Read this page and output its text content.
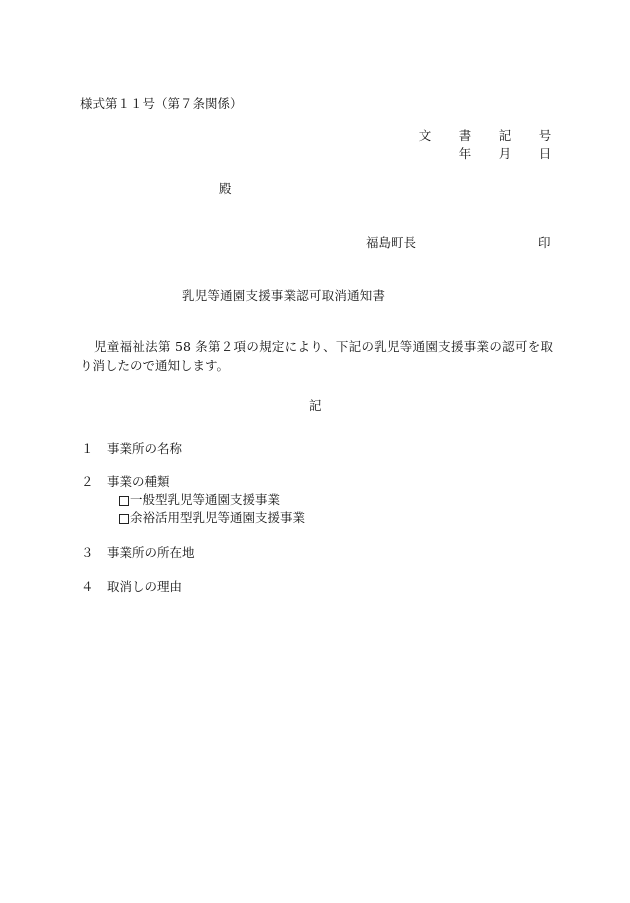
様式第１１号（第７条関係）
文 書 記 号
年 月 日
殿
福島町長	印
乳児等通園支援事業認可取消通知書
児童福祉法第 58 条第２項の規定により、下記の乳児等通園支援事業の認可を取り消したので通知します。
記
１ 事業所の名称
２ 事業の種類
一般型乳児等通園支援事業
余裕活用型乳児等通園支援事業
３ 事業所の所在地
４ 取消しの理由
